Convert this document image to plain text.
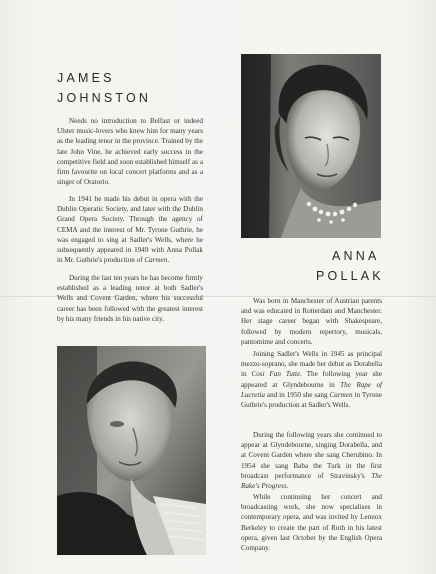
JAMES
JOHNSTON

Needs no introduction to Belfast or indeed Ulster music-lovers who knew him for many years as the leading tenor in the province. Trained by the late John Vine, he achieved early success in the competitive field and soon established himself as a firm favourite on local concert platforms and as a singer of Oratorio.

In 1941 he made his debut in opera with the Dublin Operatic Society, and later with the Dublin Grand Opera Society. Through the agency of CEMA and the interest of Mr. Tyrone Guthrie, he was engaged to sing at Sadler's Wells, where he subsequently appeared in 1949 with Anna Pollak in Mr. Guthrie's production of Carmen.

During the last ten years he has become firmly established as a leading tenor at both Sadler's Wells and Covent Garden, where his successful career has been followed with the greatest interest by his many friends in his native city.

ANNA
POLLAK

Was born in Manchester of Austrian parents and was educated in Rotterdam and Manchester. Her stage career began with Shakespeare, followed by modern repertory, musicals, pantomime and concerts.

Joining Sadler's Wells in 1945 as principal mezzo-soprano, she made her debut as Dorabella in Cosi Fan Tutte. The following year she appeared at Glyndebourne in The Rape of Lucretia and in 1950 she sang Carmen in Tyrone Guthrie's production at Sadler's Wells.

During the following years she continued to appear at Glyndebourne, singing Dorabella, and at Covent Garden where she sang Cherubino. In 1954 she sang Baba the Turk in the first broadcast performance of Stravinsky's The Rake's Progress.

While continuing her concert and broadcasting work, she now specialises in contemporary opera, and was invited by Lennox Berkeley to create the part of Ruth in his latest opera, given last October by the English Opera Company.
